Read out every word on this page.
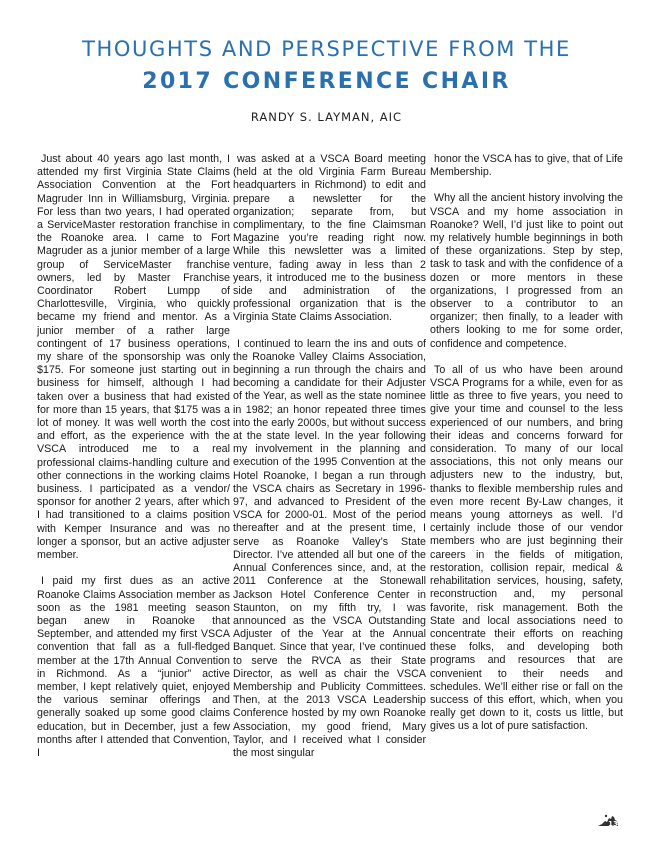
THOUGHTS AND PERSPECTIVE FROM THE
2017 CONFERENCE CHAIR
RANDY S. LAYMAN, AIC

Just about 40 years ago last month, I attended my first Virginia State Claims Association Convention at the Fort Magruder Inn in Williamsburg, Virginia. For less than two years, I had operated a ServiceMaster restoration franchise in the Roanoke area. I came to Fort Magruder as a junior member of a large group of ServiceMaster franchise owners, led by Master Franchise Coordinator Robert Lumpp of Charlottesville, Virginia, who quickly became my friend and mentor. As a junior member of a rather large contingent of 17 business operations, my share of the sponsorship was only $175. For someone just starting out in business for himself, although I had taken over a business that had existed for more than 15 years, that $175 was a lot of money. It was well worth the cost and effort, as the experience with the VSCA introduced me to a real professional claims-handling culture and other connections in the working claims business. I participated as a vendor/ sponsor for another 2 years, after which I had transitioned to a claims position with Kemper Insurance and was no longer a sponsor, but an active adjuster member.

I paid my first dues as an active Roanoke Claims Association member as soon as the 1981 meeting season began anew in Roanoke that September, and attended my first VSCA convention that fall as a full-fledged member at the 17th Annual Convention in Richmond. As a “junior” active member, I kept relatively quiet, enjoyed the various seminar offerings and generally soaked up some good claims education, but in December, just a few months after I attended that Convention, I

was asked at a VSCA Board meeting (held at the old Virginia Farm Bureau headquarters in Richmond) to edit and prepare a newsletter for the organization; separate from, but complimentary, to the fine Claimsman Magazine you’re reading right now. While this newsletter was a limited venture, fading away in less than 2 years, it introduced me to the business side and administration of the professional organization that is the Virginia State Claims Association.

I continued to learn the ins and outs of the Roanoke Valley Claims Association, beginning a run through the chairs and becoming a candidate for their Adjuster of the Year, as well as the state nominee in 1982; an honor repeated three times into the early 2000s, but without success at the state level. In the year following my involvement in the planning and execution of the 1995 Convention at the Hotel Roanoke, I began a run through the VSCA chairs as Secretary in 1996-97, and advanced to President of the VSCA for 2000-01. Most of the period thereafter and at the present time, I serve as Roanoke Valley’s State Director. I’ve attended all but one of the Annual Conferences since, and, at the 2011 Conference at the Stonewall Jackson Hotel Conference Center in Staunton, on my fifth try, I was announced as the VSCA Outstanding Adjuster of the Year at the Annual Banquet. Since that year, I’ve continued to serve the RVCA as their State Director, as well as chair the VSCA Membership and Publicity Committees. Then, at the 2013 VSCA Leadership Conference hosted by my own Roanoke Association, my good friend, Mary Taylor, and I received what I consider the most singular

honor the VSCA has to give, that of Life Membership.

Why all the ancient history involving the VSCA and my home association in Roanoke? Well, I’d just like to point out my relatively humble beginnings in both of these organizations. Step by step, task to task and with the confidence of a dozen or more mentors in these organizations, I progressed from an observer to a contributor to an organizer; then finally, to a leader with others looking to me for some order, confidence and competence.

To all of us who have been around VSCA Programs for a while, even for as little as three to five years, you need to give your time and counsel to the less experienced of our numbers, and bring their ideas and concerns forward for consideration. To many of our local associations, this not only means our adjusters new to the industry, but, thanks to flexible membership rules and even more recent By-Law changes, it means young attorneys as well. I’d certainly include those of our vendor members who are just beginning their careers in the fields of mitigation, restoration, collision repair, medical & rehabilitation services, housing, safety, reconstruction and, my personal favorite, risk management. Both the State and local associations need to concentrate their efforts on reaching these folks, and developing both programs and resources that are convenient to their needs and schedules. We’ll either rise or fall on the success of this effort, which, when you really get down to it, costs us little, but gives us a lot of pure satisfaction.

13
